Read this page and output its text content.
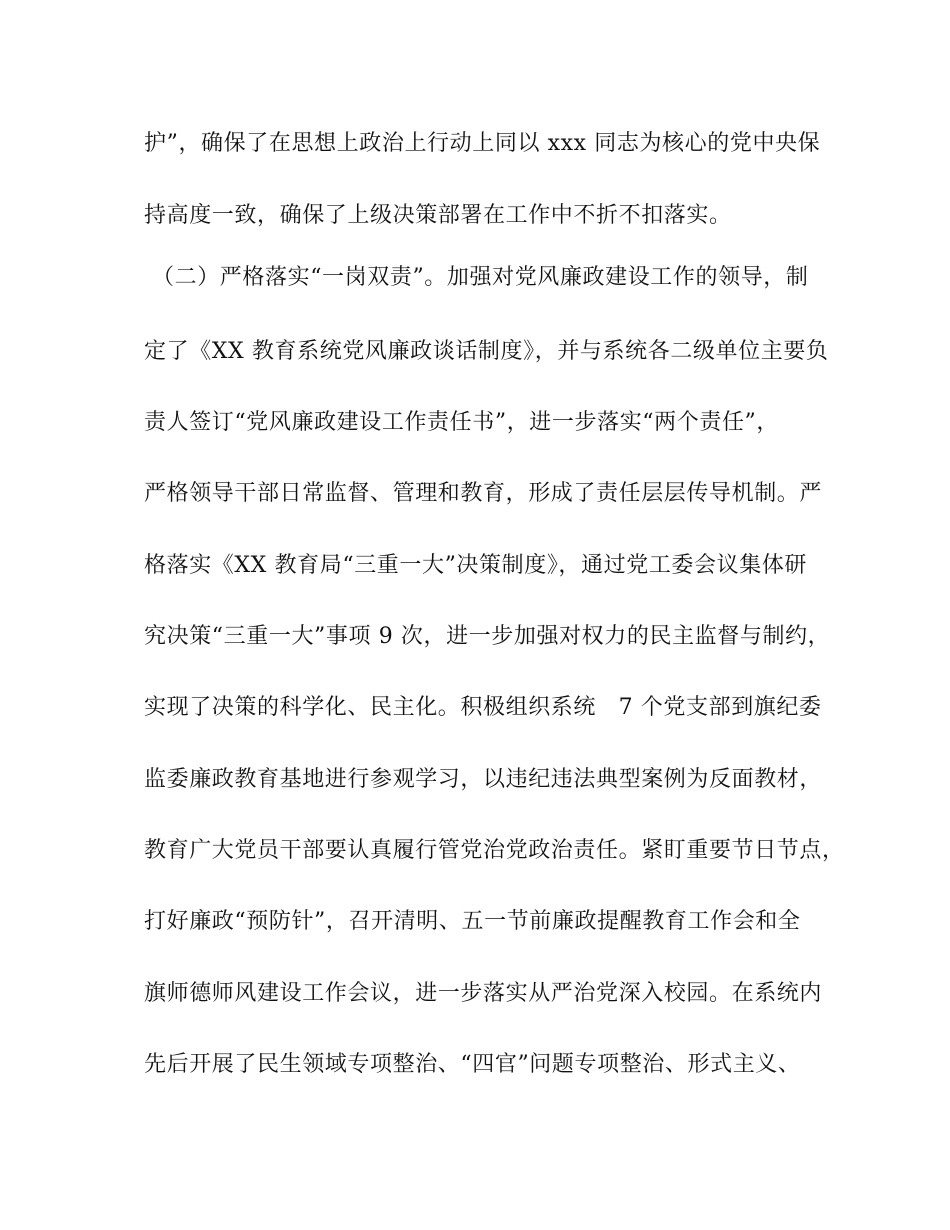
护”，确保了在思想上政治上行动上同以 xxx 同志为核心的党中央保
持高度一致，确保了上级决策部署在工作中不折不扣落实。
（二）严格落实“一岗双责”。加强对党风廉政建设工作的领导，制
定了《XX 教育系统党风廉政谈话制度》，并与系统各二级单位主要负
责人签订“党风廉政建设工作责任书”，进一步落实“两个责任”，
严格领导干部日常监督、管理和教育，形成了责任层层传导机制。严
格落实《XX 教育局“三重一大”决策制度》，通过党工委会议集体研
究决策“三重一大”事项 9 次，进一步加强对权力的民主监督与制约，
实现了决策的科学化、民主化。积极组织系统　7 个党支部到旗纪委
监委廉政教育基地进行参观学习，以违纪违法典型案例为反面教材，
教育广大党员干部要认真履行管党治党政治责任。紧盯重要节日节点，
打好廉政“预防针”，召开清明、五一节前廉政提醒教育工作会和全
旗师德师风建设工作会议，进一步落实从严治党深入校园。在系统内
先后开展了民生领域专项整治、“四官”问题专项整治、形式主义、
